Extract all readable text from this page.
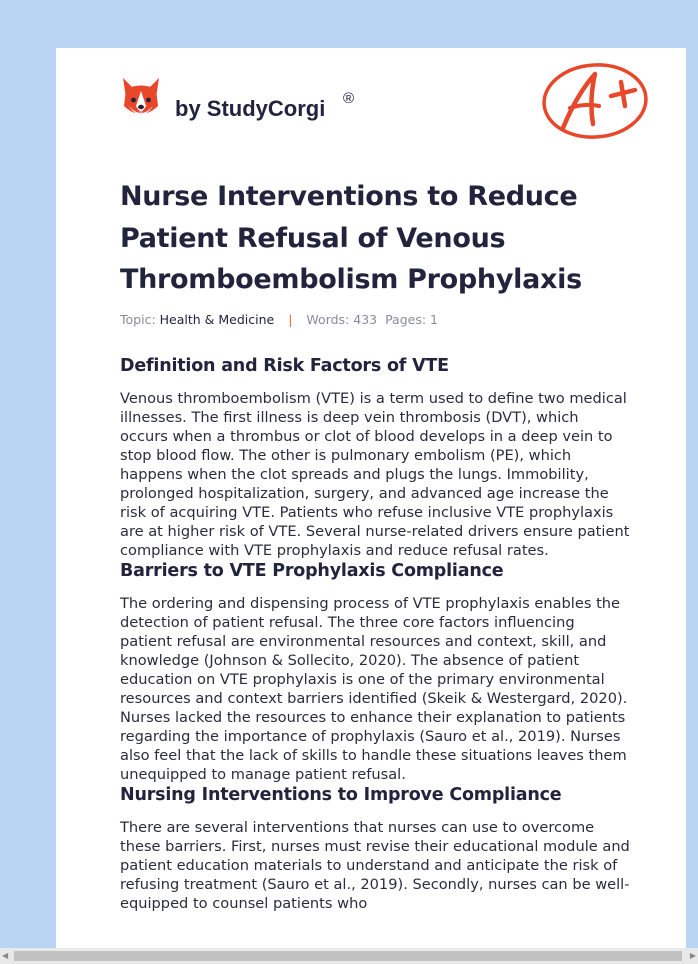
by StudyCorgi ®
Nurse Interventions to Reduce Patient Refusal of Venous Thromboembolism Prophylaxis
Topic: Health & Medicine | Words: 433 Pages: 1
Definition and Risk Factors of VTE

Venous thromboembolism (VTE) is a term used to define two medical illnesses. The first illness is deep vein thrombosis (DVT), which occurs when a thrombus or clot of blood develops in a deep vein to stop blood flow. The other is pulmonary embolism (PE), which happens when the clot spreads and plugs the lungs. Immobility, prolonged hospitalization, surgery, and advanced age increase the risk of acquiring VTE. Patients who refuse inclusive VTE prophylaxis are at higher risk of VTE. Several nurse-related drivers ensure patient compliance with VTE prophylaxis and reduce refusal rates.

Barriers to VTE Prophylaxis Compliance

The ordering and dispensing process of VTE prophylaxis enables the detection of patient refusal. The three core factors influencing patient refusal are environmental resources and context, skill, and knowledge (Johnson & Sollecito, 2020). The absence of patient education on VTE prophylaxis is one of the primary environmental resources and context barriers identified (Skeik & Westergard, 2020). Nurses lacked the resources to enhance their explanation to patients regarding the importance of prophylaxis (Sauro et al., 2019). Nurses also feel that the lack of skills to handle these situations leaves them unequipped to manage patient refusal.

Nursing Interventions to Improve Compliance

There are several interventions that nurses can use to overcome these barriers. First, nurses must revise their educational module and patient education materials to understand and anticipate the risk of refusing treatment (Sauro et al., 2019). Secondly, nurses can be well-equipped to counsel patients who

◀	▶
